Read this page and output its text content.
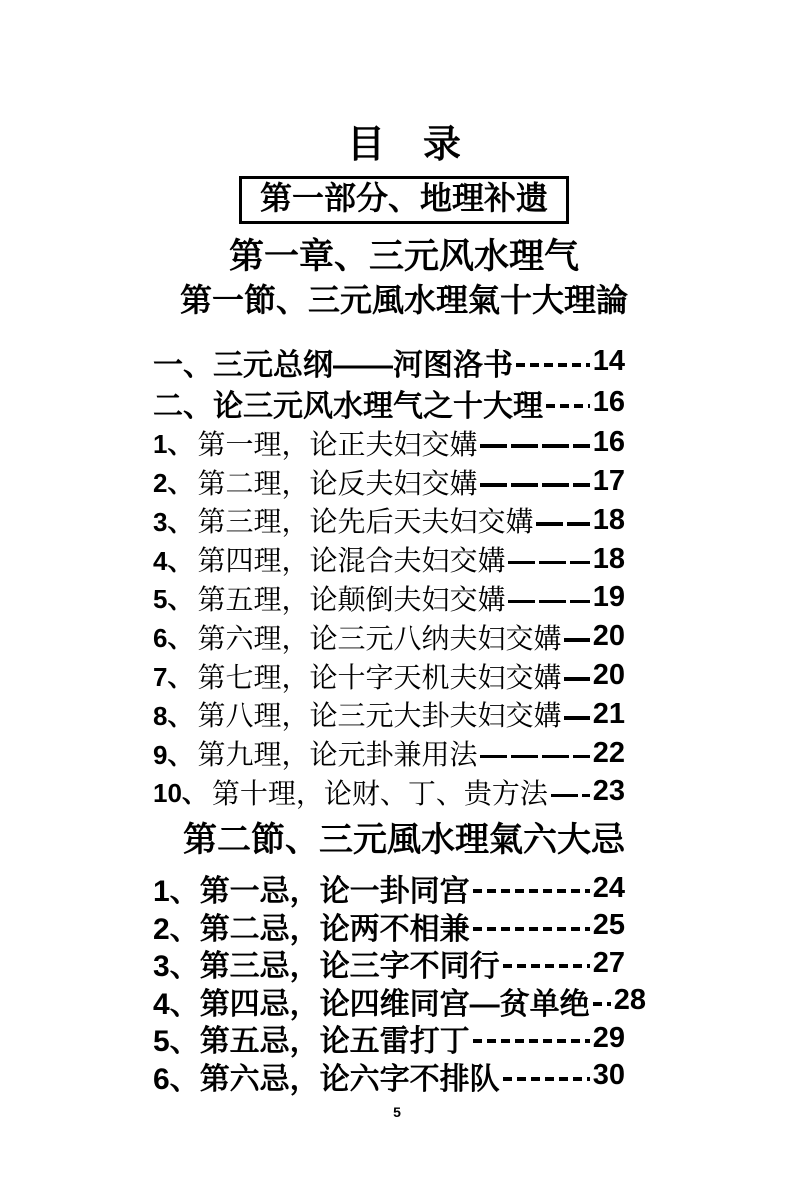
目　录
第一部分、地理补遗
第一章、三元风水理气
第一節、三元風水理氣十大理論
一、 三元总纲——河图洛书	14
二、 论三元风水理气之十大理 16
1、 第一理，论正夫妇交媾	16
2、 第二理，论反夫妇交媾	17
3、 第三理，论先后天夫妇交媾 18
4、 第四理，论混合夫妇交媾	18
5、 第五理，论颠倒夫妇交媾	19
6、 第六理，论三元八纳夫妇交媾 20
7、 第七理，论十字天机夫妇交媾 20
8、 第八理，论三元大卦夫妇交媾 21
9、 第九理，论元卦兼用法	22
10、 第十理，论财、丁、贵方法 23
第二節、三元風水理氣六大忌
1、 第一忌，论一卦同宫	24
2、 第二忌，论两不相兼	25
3、 第三忌，论三字不同行	27
4、 第四忌，论四维同宫—贫单绝 28
5、 第五忌，论五雷打丁	29
6、 第六忌，论六字不排队	30
5
